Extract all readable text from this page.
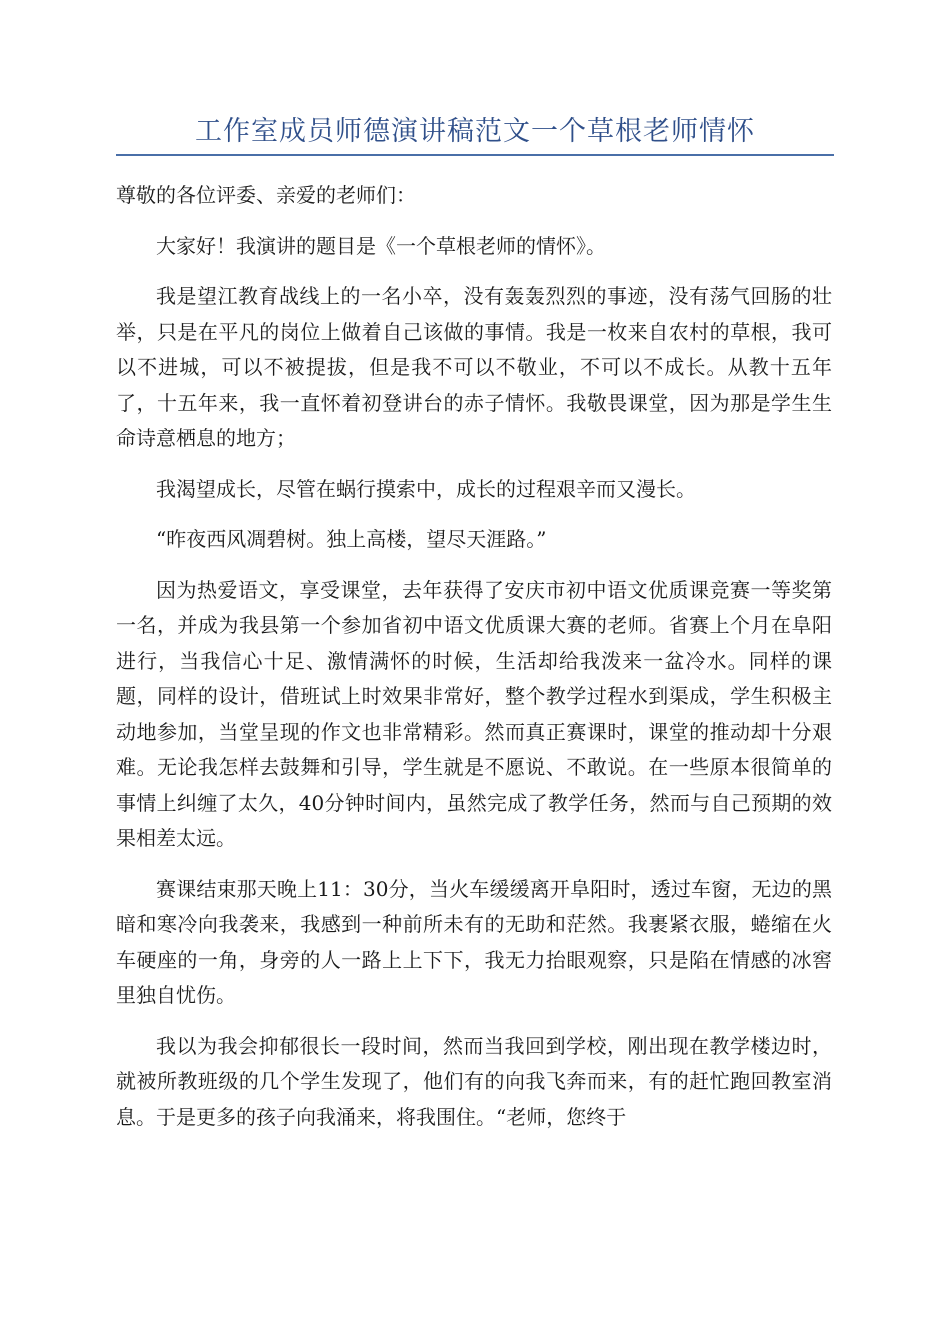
工作室成员师德演讲稿范文一个草根老师情怀

尊敬的各位评委、亲爱的老师们：

大家好！我演讲的题目是《一个草根老师的情怀》。

我是望江教育战线上的一名小卒，没有轰轰烈烈的事迹，没有荡气回肠的壮举，只是在平凡的岗位上做着自己该做的事情。我是一枚来自农村的草根，我可以不进城，可以不被提拔，但是我不可以不敬业，不可以不成长。从教十五年了，十五年来，我一直怀着初登讲台的赤子情怀。我敬畏课堂，因为那是学生生命诗意栖息的地方；

我渴望成长，尽管在蜗行摸索中，成长的过程艰辛而又漫长。

“昨夜西风凋碧树。独上高楼，望尽天涯路。”

因为热爱语文，享受课堂，去年获得了安庆市初中语文优质课竞赛一等奖第一名，并成为我县第一个参加省初中语文优质课大赛的老师。省赛上个月在阜阳进行，当我信心十足、激情满怀的时候，生活却给我泼来一盆冷水。同样的课题，同样的设计，借班试上时效果非常好，整个教学过程水到渠成，学生积极主动地参加，当堂呈现的作文也非常精彩。然而真正赛课时，课堂的推动却十分艰难。无论我怎样去鼓舞和引导，学生就是不愿说、不敢说。在一些原本很简单的事情上纠缠了太久，40分钟时间内，虽然完成了教学任务，然而与自己预期的效果相差太远。

赛课结束那天晚上11：30分，当火车缓缓离开阜阳时，透过车窗，无边的黑暗和寒冷向我袭来，我感到一种前所未有的无助和茫然。我裹紧衣服，蜷缩在火车硬座的一角，身旁的人一路上上下下，我无力抬眼观察，只是陷在情感的冰窖里独自忧伤。

我以为我会抑郁很长一段时间，然而当我回到学校，刚出现在教学楼边时，就被所教班级的几个学生发现了，他们有的向我飞奔而来，有的赶忙跑回教室消息。于是更多的孩子向我涌来，将我围住。“老师，您终于
